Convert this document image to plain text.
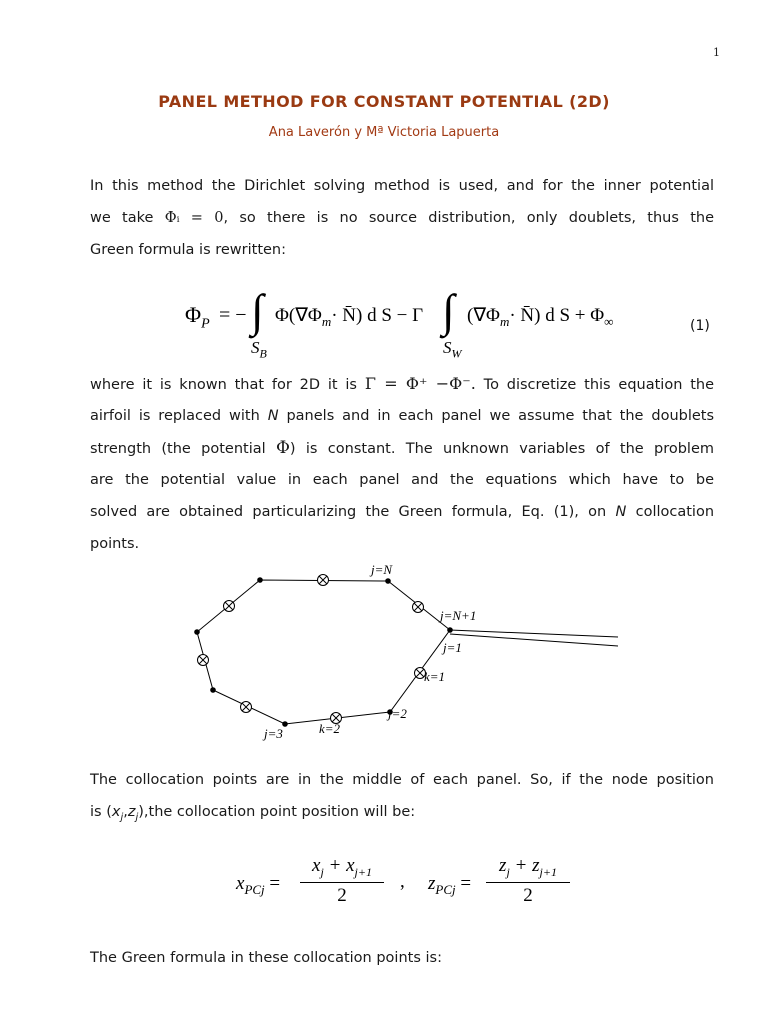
1
PANEL METHOD FOR CONSTANT POTENTIAL (2D)
Ana Laverón y Mª Victoria Lapuerta
In this method the Dirichlet solving method is used, and for the inner potential
we take Φᵢ = 0, so there is no source distribution, only doublets, thus the
Green formula is rewritten:
$\Phi_P$ = − ∫
$S_B$
$\Phi(\nabla\Phi_m\cdot$ N̄) d S − Γ ∫
$S_W$
($\nabla\Phi_m\cdot$ N̄) d $S + \Phi_\infty$	(1)
where it is known that for 2D it is Γ = Φ⁺ −Φ⁻. To discretize this equation the
airfoil is replaced with N panels and in each panel we assume that the doublets
strength (the potential Φ) is constant. The unknown variables of the problem
are the potential value in each panel and the equations which have to be
solved are obtained particularizing the Green formula, Eq. (1), on N collocation
points.
j=N
j=N+1
j=1
k=1
j=2
k=2
j=3
The collocation points are in the middle of each panel. So, if the node position
is $(x_j,z_j),the$ collocation point position will be:
$x_{PCj} = \frac{x_j + x_{j+1}}{2}$ , $z_{PCj} = \frac{z_j + z_{j+1}}{2}$
The Green formula in these collocation points is:
